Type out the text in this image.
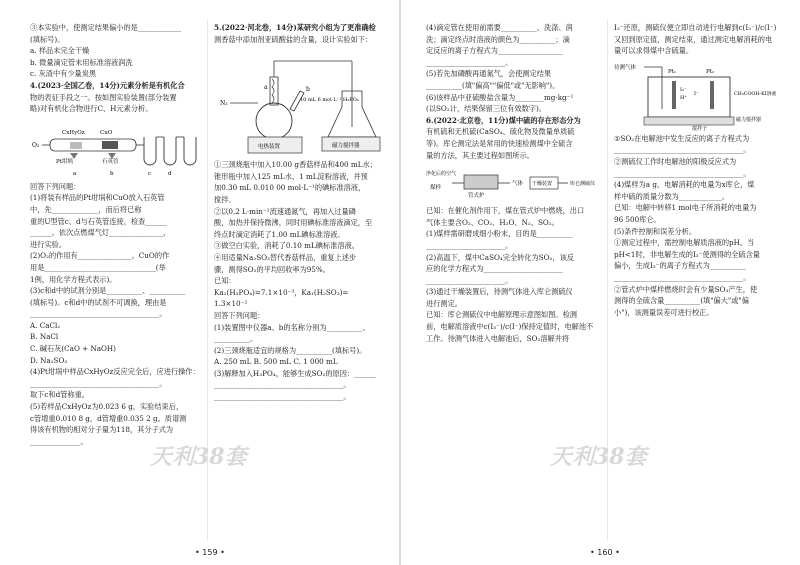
③本实验中，使测定结果偏小的是____________

(填标号)。

a. 样品未完全干燥

b. 微量滴定管未用标准溶液润洗

c. 灰渣中有少量炭黑

4.(2023·全国乙卷，14分)元素分析是有机化合

物的表征手段之一。按如图实验装置(部分装置

略)对有机化合物进行C、H元素分析。

O₂
CxHyOz	CuO
Pt坩埚	石英管
a	b	c	d

回答下列问题：

(1)将装有样品的Pt坩埚和CuO放入石英管

中，先_____________，而后将已称

重的U型管c、d与石英管连接，检查______

______。依次点燃煤气灯_______________，

进行实验。

(2)O₂的作用有_______________。CuO的作

用是_______________________________(举

1例，用化学方程式表示)。

(3)c和d中的试剂分别是__________、__________

(填标号)。c和d中的试剂不可调换，理由是

____________________________________。

A. CaCl₂

B. NaCl

C. 碱石灰(CaO + NaOH)

D. Na₂SO₃

(4)Pt坩埚中样品CxHyOz反应完全后，应进行操作：

____________________________________。

取下c和d管称重。

(5)若样品CxHyOz为0.023 6 g，实验结束后，

c管增重0.010 8 g，d管增重0.035 2 g。质谱测

得该有机物的相对分子量为118，其分子式为

______________。

5.(2022·河北卷，14分)某研究小组为了更准确检

测香菇中添加剂亚硫酸盐的含量，设计实验如下：

N₂
a	b
10 mL 6 mol·L⁻¹ H₃PO₄
电热装置	磁力搅拌器

①三颈烧瓶中加入10.00 g香菇样品和400 mL水；

锥形瓶中加入125 mL水、1 mL淀粉溶液，并预

加0.30 mL 0.010 00 mol·L⁻¹的碘标准溶液，

搅拌。

②以0.2 L·min⁻¹流速通氮气，再加入过量磷

酸，加热并保持微沸，同时用碘标准溶液滴定，至

终点时滴定消耗了1.00 mL碘标准溶液。

③做空白实验，消耗了0.10 mL碘标准溶液。

④用适量Na₂SO₃替代香菇样品，重复上述步

骤，测得SO₂的平均回收率为95%。

已知：

Ka₁(H₃PO₄)=7.1×10⁻³，Ka₁(H₂SO₃)=

1.3×10⁻²

回答下列问题：

(1)装置图中仪器a、b的名称分别为__________、

__________。

(2)三颈烧瓶适宜的规格为__________(填标号)。

A. 250 mL B. 500 mL C. 1 000 mL

(3)解释加入H₃PO₄，能够生成SO₂的原因：______

____________________________________。

____________________________________。

天利38套
• 159 •

(4)滴定管在使用前需要__________、洗涤、润

洗；滴定终点时溶液的颜色为__________；滴

定反应的离子方程式为__________________

______________________。

(5)若先加磷酸再通氮气，会使测定结果

__________(填"偏高""偏低"或"无影响")。

(6)该样品中亚硫酸盐含量为________mg·kg⁻¹

(以SO₂计，结果保留三位有效数字)。

6.(2022·北京卷，11分)煤中硫的存在形态分为

有机硫和无机硫(CaSO₄、硫化物及微量单质硫

等)。库仑测定法是常用的快速检测煤中全硫含

量的方法，其主要过程如图所示。

净化后的空气
煤样
管式炉
气体 干燥装置	库仑测硫仪

已知：在催化剂作用下，煤在管式炉中燃烧，出口

气体主要含O₂、CO₂、H₂O、N₂、SO₂。

(1)煤样需研磨成细小粉末，目的是__________

______________________。

(2)高温下，煤中CaSO₄完全转化为SO₂，该反

应的化学方程式为______________________

______________________。

(3)通过干燥装置后，待测气体进入库仑测硫仪

进行测定。

已知：库仑测硫仪中电解原理示意图如图。检测

前，电解质溶液中c(I₃⁻)/c(I⁻)保持定值时，电解池不

工作。待测气体进入电解池后，SO₂溶解并将

I₃⁻还原，测硫仪便立即自动进行电解到c(I₃⁻)/c(I⁻)

又回到原定值，测定结束，通过测定电解消耗的电

量可以求得煤中含硫量。

待测气体
Pt₁	Pt₂
I₃⁻
H⁺
I⁻	CH₃COOH-KI溶液
磁力搅拌器
搅拌子

①SO₂在电解池中发生反应的离子方程式为

____________________________________。

②测硫仪工作时电解池的阳极反应式为

____________________________________。

(4)煤样为a g，电解消耗的电量为x库仑，煤

样中硫的质量分数为____________。

已知：电解中转移1 mol电子所消耗的电量为

96 500库仑。

(5)条件控制和误差分析。

①测定过程中，需控制电解质溶液的pH。当

pH<1时，非电解生成的I₃⁻使测得的全硫含量

偏小，生成I₃⁻的离子方程式为__________

____________________________________。

②管式炉中煤样燃烧时会有少量SO₃产生，使

测得的全硫含量__________(填"偏大"或"偏

小")，该测量误差可进行校正。

天利38套
• 160 •
